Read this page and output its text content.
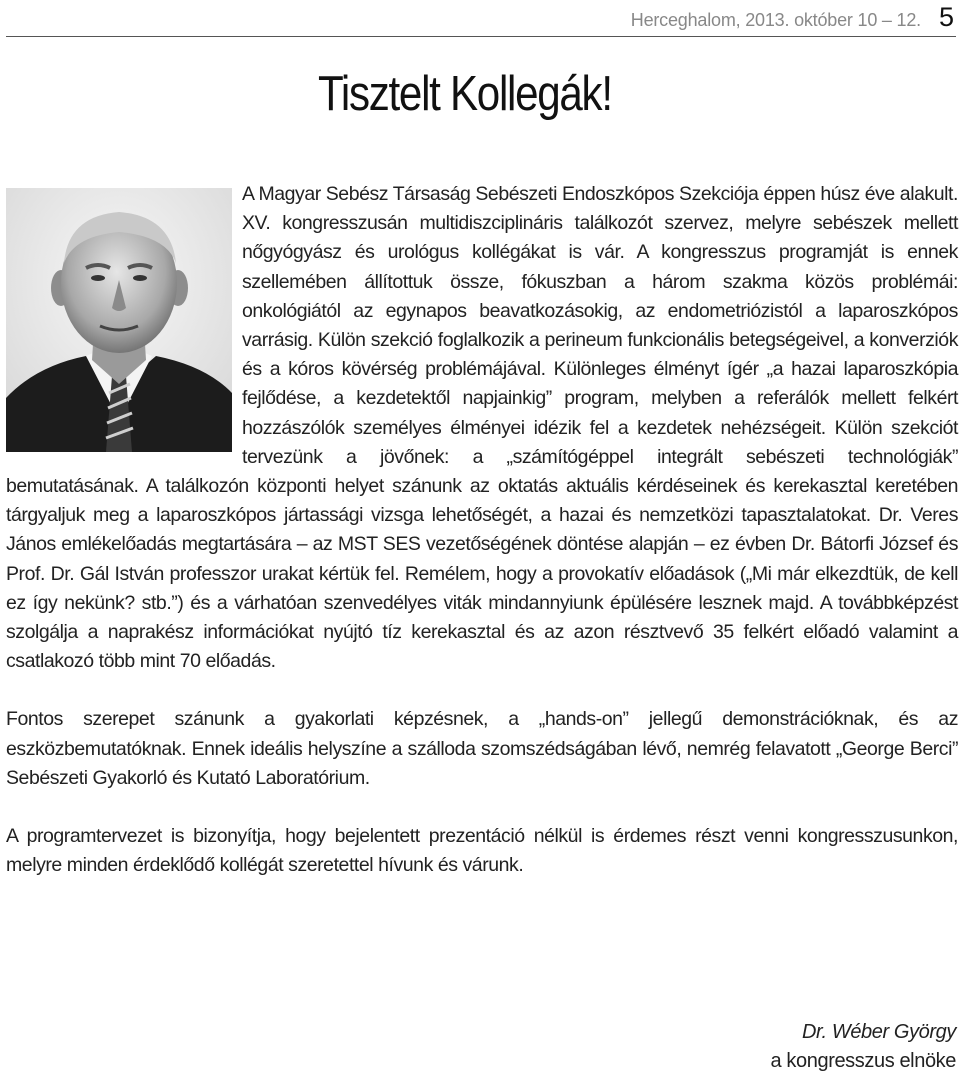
Herceghalom, 2013. október 10 – 12. 5
Tisztelt Kollegák!

A Magyar Sebész Társaság Sebészeti Endoszkópos Szekciója éppen húsz éve alakult. XV. kongresszusán multidiszciplináris találkozót szervez, melyre sebészek mellett nőgyógyász és urológus kollégákat is vár. A kongresszus programját is ennek szellemében állítottuk össze, fókuszban a három szakma közös problémái: onkológiától az egynapos beavatkozásokig, az endometriózistól a laparoszkópos varrásig. Külön szekció foglalkozik a perineum funkcionális betegségeivel, a konverziók és a kóros kövérség problémájával. Különleges élményt ígér „a hazai laparoszkópia fejlődése, a kezdetektől napjainkig” program, melyben a referálók mellett felkért hozzászólók személyes élményei idézik fel a kezdetek nehézségeit. Külön szekciót tervezünk a jövőnek: a „számítógéppel integrált sebészeti technológiák” bemutatásának. A találkozón központi helyet szánunk az oktatás aktuális kérdéseinek és kerekasztal keretében tárgyaljuk meg a laparoszkópos jártassági vizsga lehetőségét, a hazai és nemzetközi tapasztalatokat. Dr. Veres János emlékelőadás megtartására – az MST SES vezetőségének döntése alapján – ez évben Dr. Bátorfi József és Prof. Dr. Gál István professzor urakat kértük fel. Remélem, hogy a provokatív előadások („Mi már elkezdtük, de kell ez így nekünk? stb.”) és a várhatóan szenvedélyes viták mindannyiunk épülésére lesznek majd. A továbbképzést szolgálja a naprakész információkat nyújtó tíz kerekasztal és az azon résztvevő 35 felkért előadó valamint a csatlakozó több mint 70 előadás.

Fontos szerepet szánunk a gyakorlati képzésnek, a „hands-on” jellegű demonstrációknak, és az eszközbemutatóknak. Ennek ideális helyszíne a szálloda szomszédságában lévő, nemrég felavatott „George Berci” Sebészeti Gyakorló és Kutató Laboratórium.

A programtervezet is bizonyítja, hogy bejelentett prezentáció nélkül is érdemes részt venni kongresszusunkon, melyre minden érdeklődő kollégát szeretettel hívunk és várunk.

Dr. Wéber György
a kongresszus elnöke
